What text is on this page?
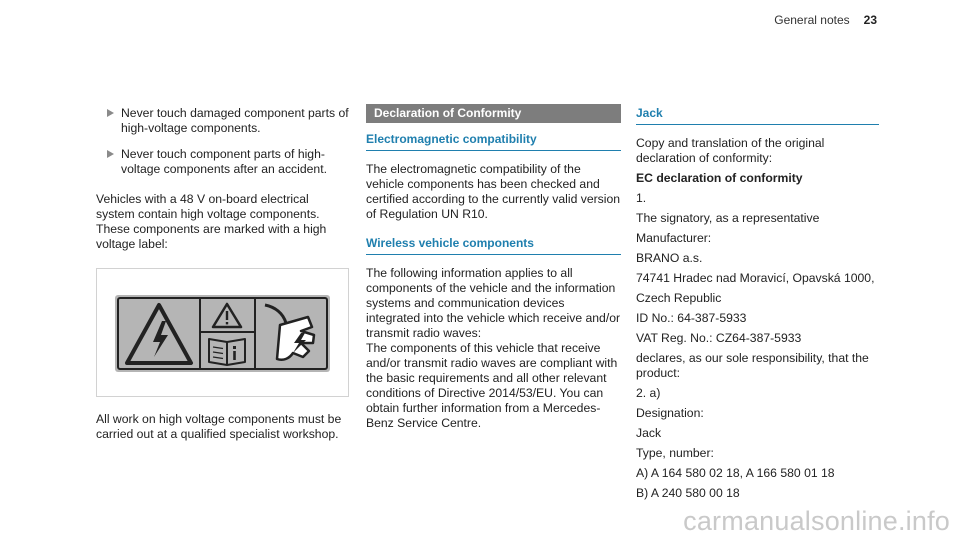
General notes 23
Never touch damaged component parts of high-voltage components.
Never touch component parts of high-voltage components after an accident.

Vehicles with a 48 V on-board electrical system contain high voltage components. These components are marked with a high voltage label:

All work on high voltage components must be carried out at a qualified specialist workshop.

Declaration of Conformity
Electromagnetic compatibility

The electromagnetic compatibility of the vehicle components has been checked and certified according to the currently valid version of Regulation UN R10.

Wireless vehicle components

The following information applies to all components of the vehicle and the information systems and communication devices integrated into the vehicle which receive and/or transmit radio waves:

The components of this vehicle that receive and/or transmit radio waves are compliant with the basic requirements and all other relevant conditions of Directive 2014/53/EU. You can obtain further information from a Mercedes-Benz Service Centre.

Jack

Copy and translation of the original declaration of conformity:

EC declaration of conformity

1.

The signatory, as a representative

Manufacturer:

BRANO a.s.

74741 Hradec nad Moravicí, Opavská 1000,

Czech Republic

ID No.: 64-387-5933

VAT Reg. No.: CZ64-387-5933

declares, as our sole responsibility, that the product:

2. a)

Designation:

Jack

Type, number:

A) A 164 580 02 18, A 166 580 01 18

B) A 240 580 00 18

carmanualsonline.info
